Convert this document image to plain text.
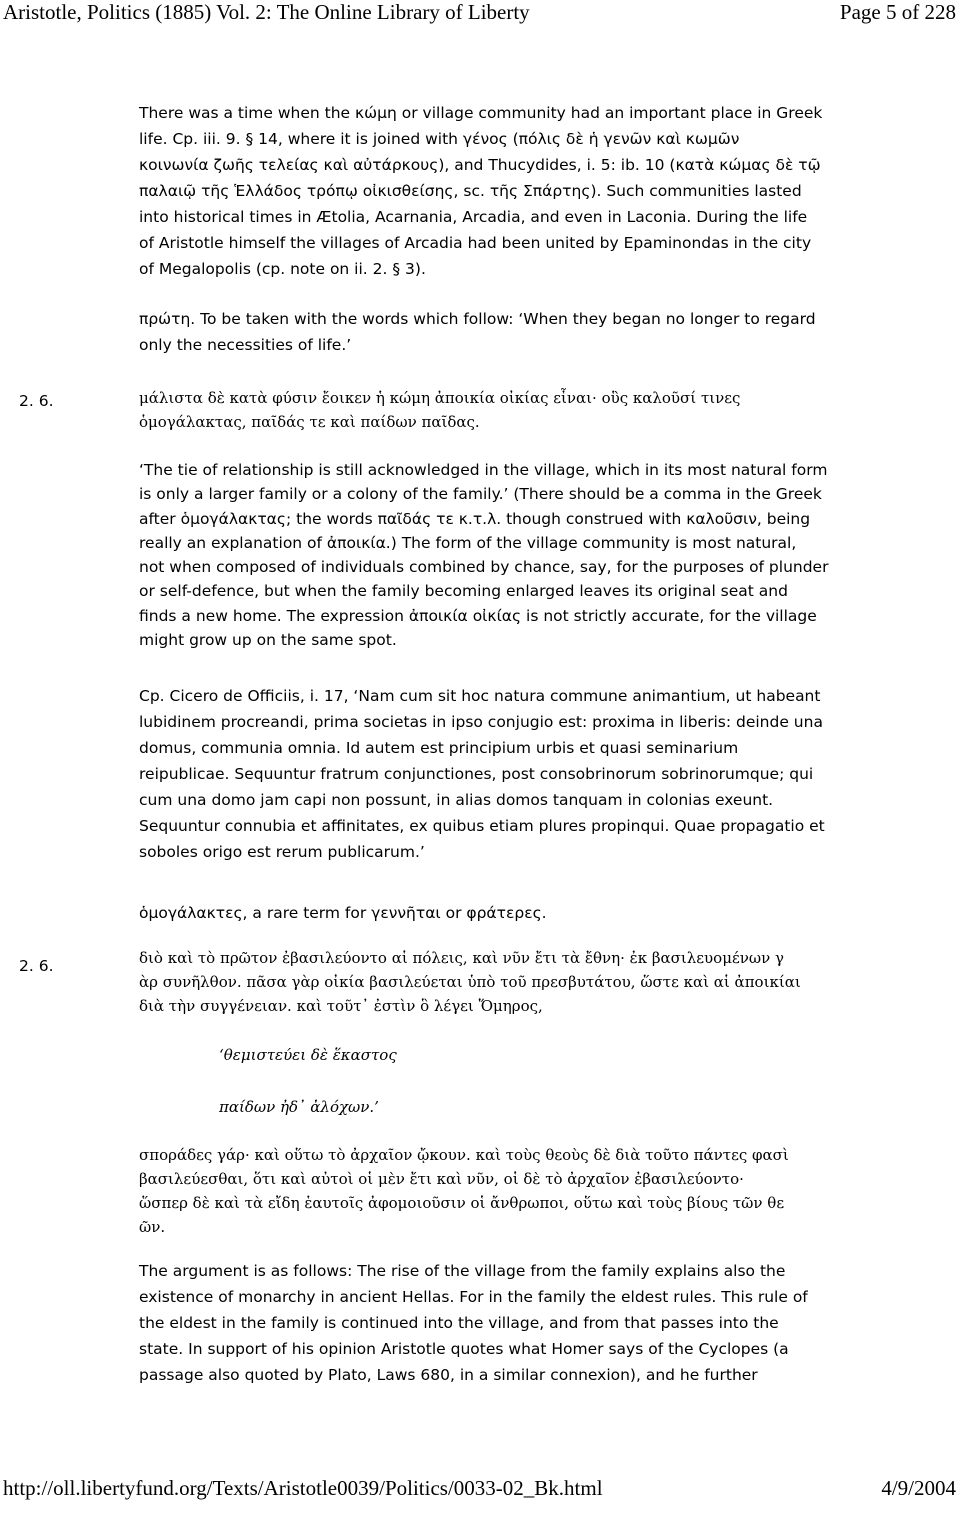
Aristotle, Politics (1885) Vol. 2: The Online Library of Liberty	Page 5 of 228
There was a time when the κώμη or village community had an important place in Greek
life. Cp. iii. 9. § 14, where it is joined with γένος (πόλις δὲ ἡ γενῶν καὶ κωμῶν
κοινωνία ζωῆς τελείας καὶ αὐτάρκους), and Thucydides, i. 5: ib. 10 (κατὰ κώμας δὲ τῷ
παλαιῷ τῆς Ἑλλάδος τρόπῳ οἰκισθείσης, sc. τῆς Σπάρτης). Such communities lasted
into historical times in Ætolia, Acarnania, Arcadia, and even in Laconia. During the life
of Aristotle himself the villages of Arcadia had been united by Epaminondas in the city
of Megalopolis (cp. note on ii. 2. § 3).
πρώτη. To be taken with the words which follow: ‘When they began no longer to regard
only the necessities of life.’
2. 6.	μάλιστα δὲ κατὰ φύσιν ἔοικεν ἡ κώμη ἀποικία οἰκίας εἶναι· οὓς καλοῦσί τινες
ὁμογάλακτας, παῖδάς τε καὶ παίδων παῖδας.
‘The tie of relationship is still acknowledged in the village, which in its most natural form
is only a larger family or a colony of the family.’ (There should be a comma in the Greek
after ὁμογάλακτας; the words παῖδάς τε κ.τ.λ. though construed with καλοῦσιν, being
really an explanation of ἀποικία.) The form of the village community is most natural,
not when composed of individuals combined by chance, say, for the purposes of plunder
or self-defence, but when the family becoming enlarged leaves its original seat and
finds a new home. The expression ἀποικία οἰκίας is not strictly accurate, for the village
might grow up on the same spot.
Cp. Cicero de Officiis, i. 17, ‘Nam cum sit hoc natura commune animantium, ut habeant
lubidinem procreandi, prima societas in ipso conjugio est: proxima in liberis: deinde una
domus, communia omnia. Id autem est principium urbis et quasi seminarium
reipublicae. Sequuntur fratrum conjunctiones, post consobrinorum sobrinorumque; qui
cum una domo jam capi non possunt, in alias domos tanquam in colonias exeunt.
Sequuntur connubia et affinitates, ex quibus etiam plures propinqui. Quae propagatio et
soboles origo est rerum publicarum.’
ὁμογάλακτες, a rare term for γεννῆται or φράτερες.
2. 6.	διὸ καὶ τὸ πρῶτον ἐβασιλεύοντο αἱ πόλεις, καὶ νῦν ἔτι τὰ ἔθνη· ἐκ βασιλευομένων γ
ὰρ συνῆλθον. πᾶσα γὰρ οἰκία βασιλεύεται ὑπὸ τοῦ πρεσβυτάτου, ὥστε καὶ αἱ ἀποικίαι
διὰ τὴν συγγένειαν. καὶ τοῦτ᾽ ἐστὶν ὃ λέγει Ὅμηρος,
‘θεμιστεύει δὲ ἕκαστος
παίδων ἠδ᾽ ἀλόχων.’
σποράδες γάρ· καὶ οὕτω τὸ ἀρχαῖον ᾤκουν. καὶ τοὺς θεοὺς δὲ διὰ τοῦτο πάντες φασὶ
βασιλεύεσθαι, ὅτι καὶ αὐτοὶ οἱ μὲν ἔτι καὶ νῦν, οἱ δὲ τὸ ἀρχαῖον ἐβασιλεύοντο·
ὥσπερ δὲ καὶ τὰ εἴδη ἑαυτοῖς ἀφομοιοῦσιν οἱ ἄνθρωποι, οὕτω καὶ τοὺς βίους τῶν θε
ῶν.
The argument is as follows: The rise of the village from the family explains also the
existence of monarchy in ancient Hellas. For in the family the eldest rules. This rule of
the eldest in the family is continued into the village, and from that passes into the
state. In support of his opinion Aristotle quotes what Homer says of the Cyclopes (a
passage also quoted by Plato, Laws 680, in a similar connexion), and he further
http://oll.libertyfund.org/Texts/Aristotle0039/Politics/0033-02_Bk.html	4/9/2004
